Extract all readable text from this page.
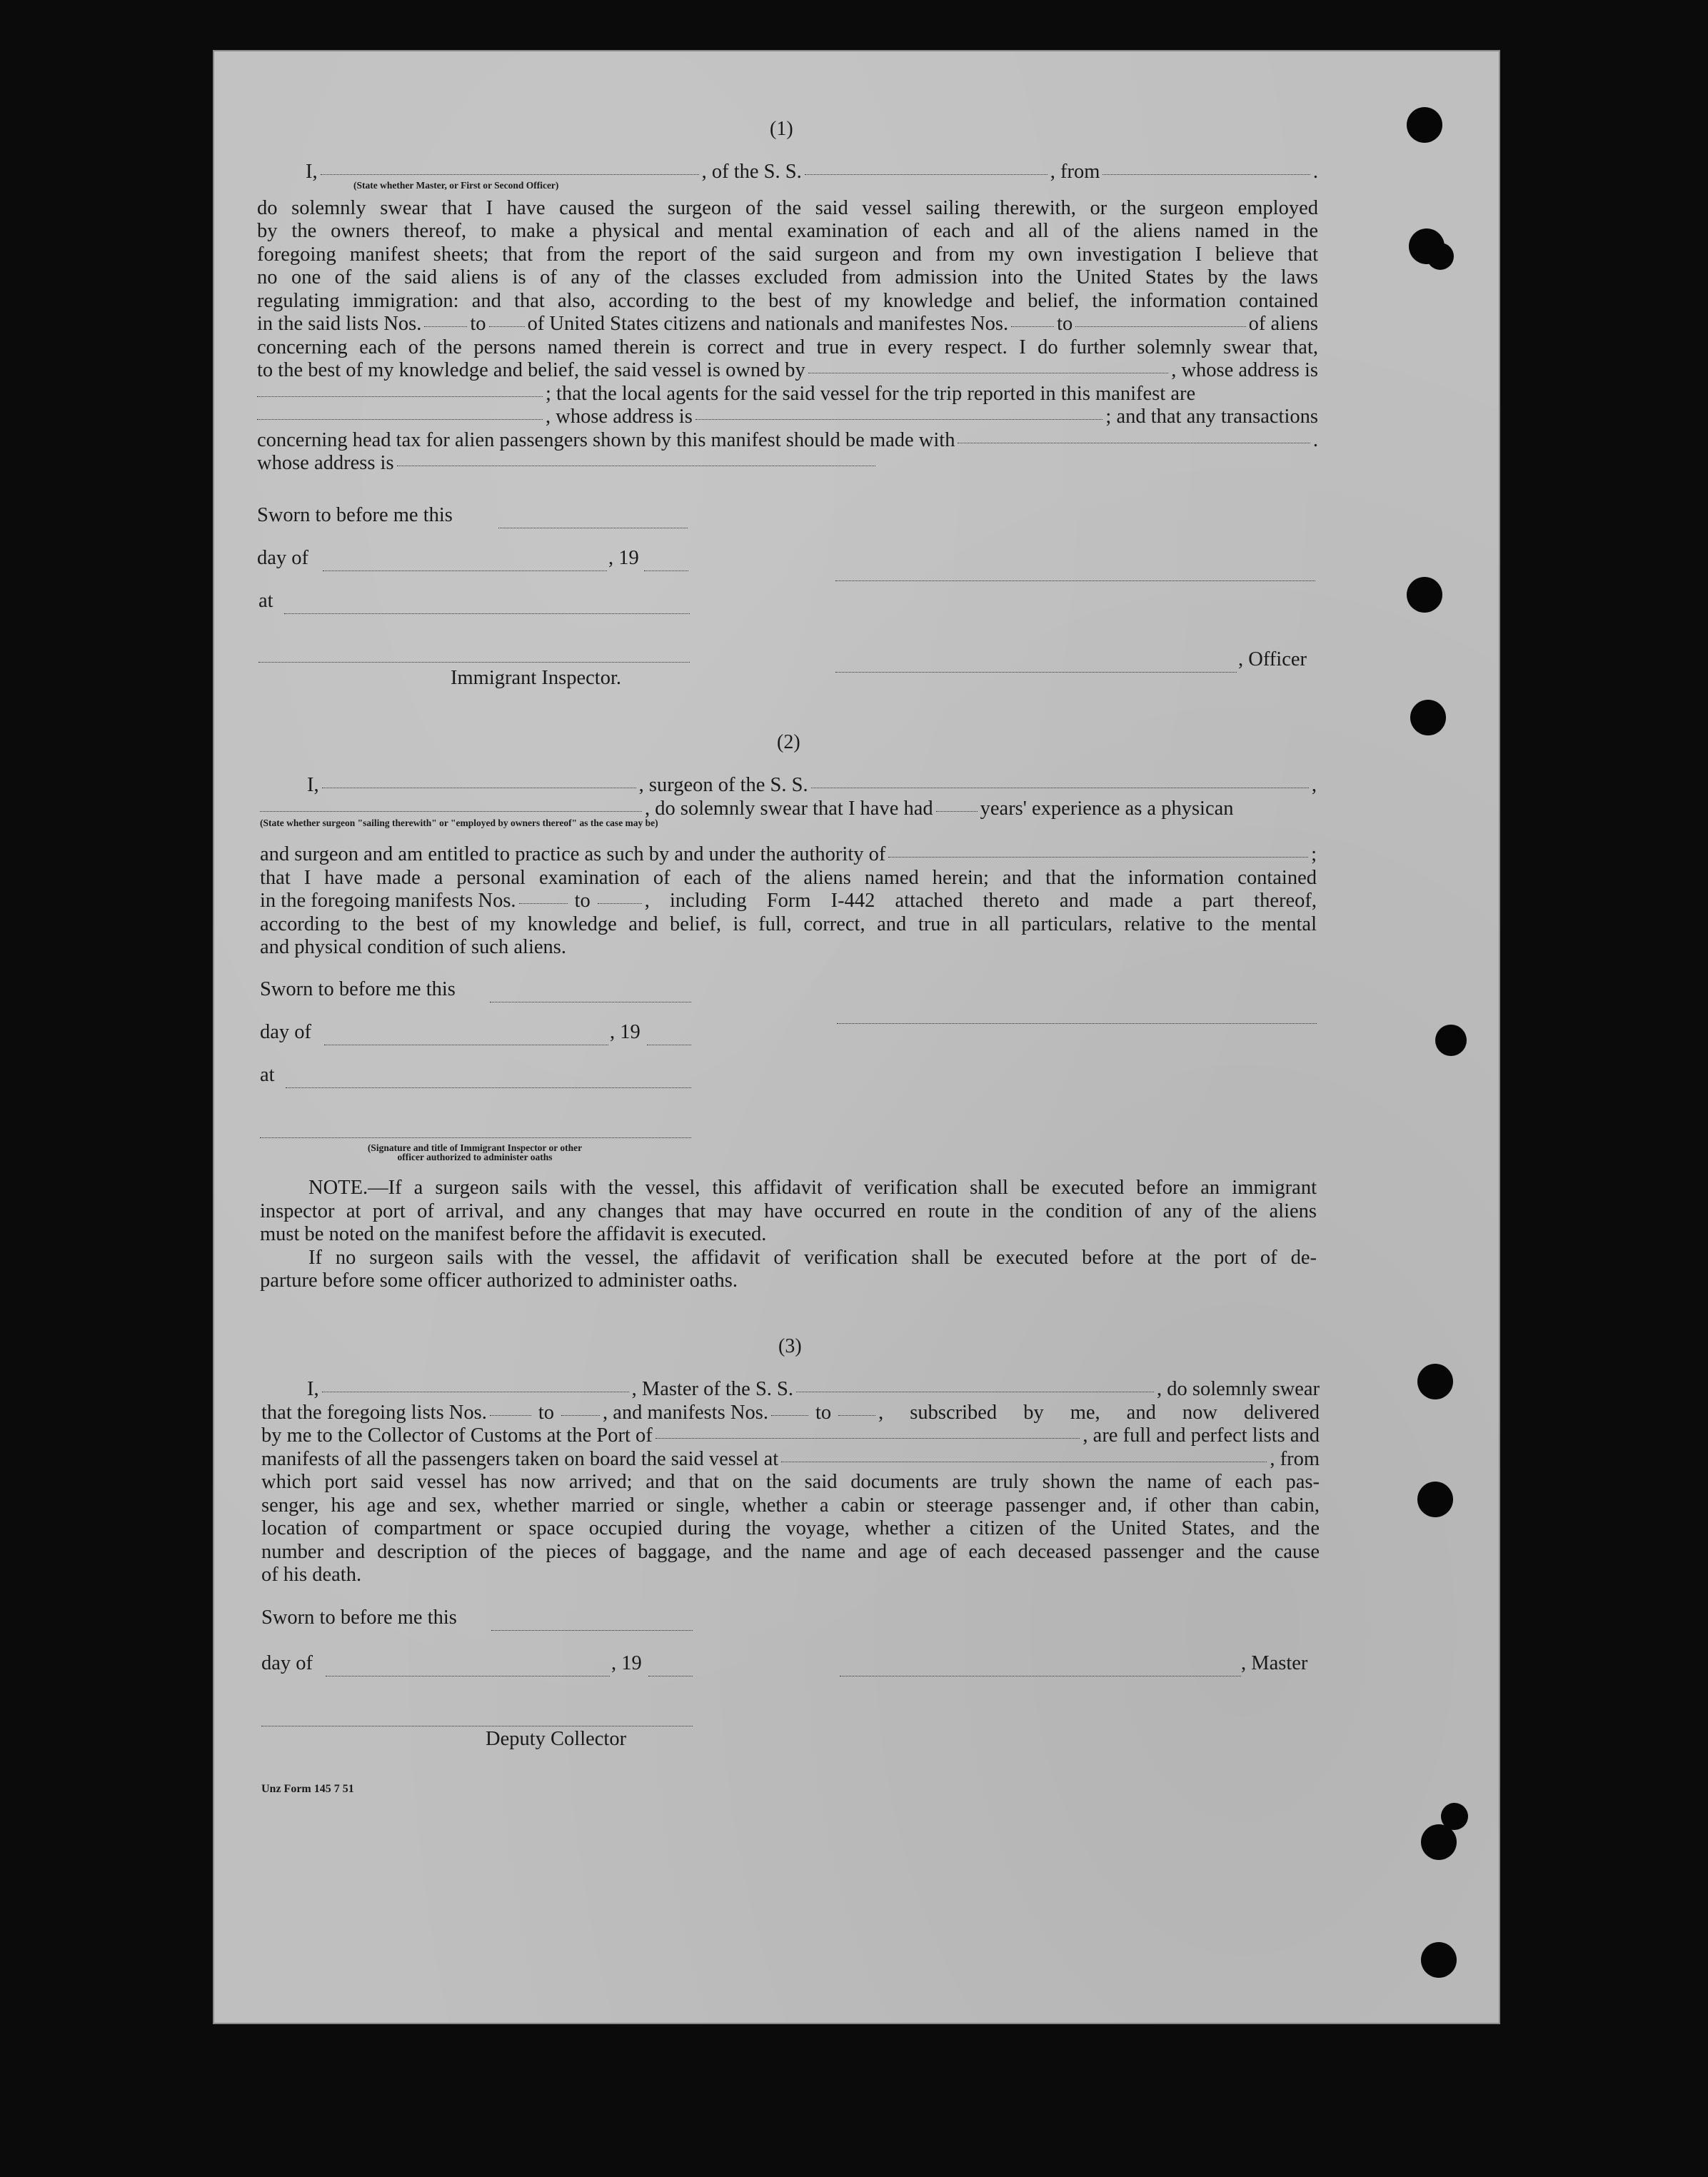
(1)
I,	, of the S. S.	, from	.
(State whether Master, or First or Second Officer)
do solemnly swear that I have caused the surgeon of the said vessel sailing therewith, or the surgeon employed
by the owners thereof, to make a physical and mental examination of each and all of the aliens named in the
foregoing manifest sheets; that from the report of the said surgeon and from my own investigation I believe that
no one of the said aliens is of any of the classes excluded from admission into the United States by the laws
regulating immigration: and that also, according to the best of my knowledge and belief, the information contained
in the said lists Nos. to of United States citizens and nationals and manifestes Nos. to	of aliens
concerning each of the persons named therein is correct and true in every respect. I do further solemnly swear that,
to the best of my knowledge and belief, the said vessel is owned by	, whose address is
; that the local agents for the said vessel for the trip reported in this manifest are
, whose address is	; and that any transactions
concerning head tax for alien passengers shown by this manifest should be made with	.
whose address is
Sworn to before me this
day of	, 19
at
, Officer
Immigrant Inspector.
(2)
I,	, surgeon of the S. S.	,
, do solemnly swear that I have had years' experience as a physican
(State whether surgeon "sailing therewith" or "employed by owners thereof" as the case may be)
and surgeon and am entitled to practice as such by and under the authority of	;
that I have made a personal examination of each of the aliens named herein; and that the information contained
in the foregoing manifests Nos.	to	, including Form I-442 attached thereto and made a part thereof,
according to the best of my knowledge and belief, is full, correct, and true in all particulars, relative to the mental
and physical condition of such aliens.
Sworn to before me this
day of	, 19
at
(Signature and title of Immigrant Inspector or other
officer authorized to administer oaths
NOTE.—If a surgeon sails with the vessel, this affidavit of verification shall be executed before an immigrant
inspector at port of arrival, and any changes that may have occurred en route in the condition of any of the aliens
must be noted on the manifest before the affidavit is executed.
If no surgeon sails with the vessel, the affidavit of verification shall be executed before at the port of de-
parture before some officer authorized to administer oaths.
(3)
I,	, Master of the S. S.	, do solemnly swear
that the foregoing lists Nos.	to , and manifests Nos. to , subscribed by me, and now delivered
by me to the Collector of Customs at the Port of	, are full and perfect lists and
manifests of all the passengers taken on board the said vessel at	, from
which port said vessel has now arrived; and that on the said documents are truly shown the name of each pas-
senger, his age and sex, whether married or single, whether a cabin or steerage passenger and, if other than cabin,
location of compartment or space occupied during the voyage, whether a citizen of the United States, and the
number and description of the pieces of baggage, and the name and age of each deceased passenger and the cause
of his death.
Sworn to before me this
day of	, 19	, Master
Deputy Collector
Unz Form 145 7 51
